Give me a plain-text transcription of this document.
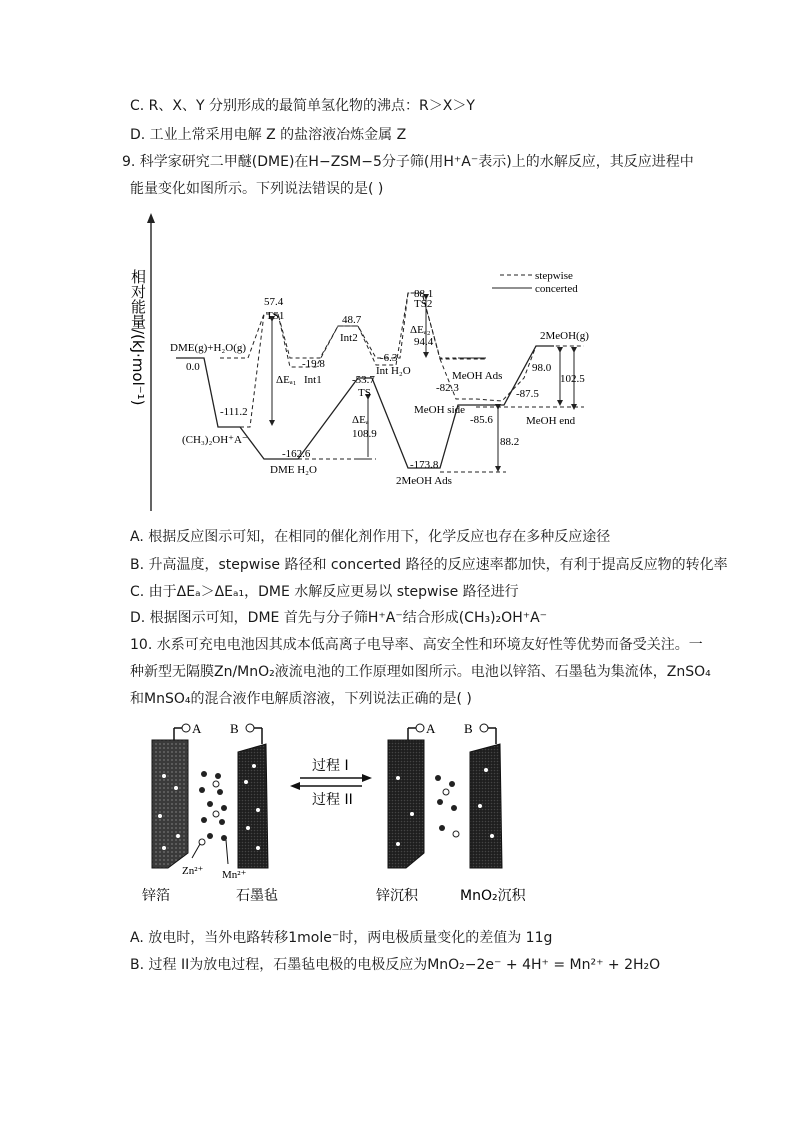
C. R、X、Y 分别形成的最简单氢化物的沸点：R＞X＞Y
D. 工业上常采用电解 Z 的盐溶液冶炼金属 Z
9. 科学家研究二甲醚(DME)在H−ZSM−5分子筛(用H⁺A⁻表示)上的水解反应，其反应进程中
能量变化如图所示。下列说法错误的是( )
相对能量/(kJ·mol⁻¹)	stepwise
concerted
DME(g)+H₂O(g)
0.0
-111.2
(CH₃)₂OH⁺A⁻
TS1
57.4
ΔEₐ₁
-19.8
Int1
48.7
Int2
88.1
TS2
ΔEₐ₂
94.4
-6.3
Int H₂O
-53.7
TS
ΔEₐ
108.9
-162.6
DME H₂O	-173.8
2MeOH Ads
MeOH Ads
-82.3
MeOH side
-85.6
88.2
-87.5
2MeOH(g)
98.0
102.5
MeOH end
A. 根据反应图示可知，在相同的催化剂作用下，化学反应也存在多种反应途径
B. 升高温度，stepwise 路径和 concerted 路径的反应速率都加快，有利于提高反应物的转化率
C. 由于ΔEₐ＞ΔEₐ₁，DME 水解反应更易以 stepwise 路径进行
D. 根据图示可知，DME 首先与分子筛H⁺A⁻结合形成(CH₃)₂OH⁺A⁻
10. 水系可充电电池因其成本低高离子电导率、高安全性和环境友好性等优势而备受关注。一
种新型无隔膜Zn/MnO₂液流电池的工作原理如图所示。电池以锌箔、石墨毡为集流体，ZnSO₄
和MnSO₄的混合液作电解质溶液，下列说法正确的是( )
A B
Zn²⁺ Mn²⁺
锌箔	石墨毡
过程 I
过程 II
A B
锌沉积	MnO₂沉积
A. 放电时，当外电路转移1mole⁻时，两电极质量变化的差值为 11g
B. 过程 II为放电过程，石墨毡电极的电极反应为MnO₂−2e⁻ + 4H⁺ = Mn²⁺ + 2H₂O
